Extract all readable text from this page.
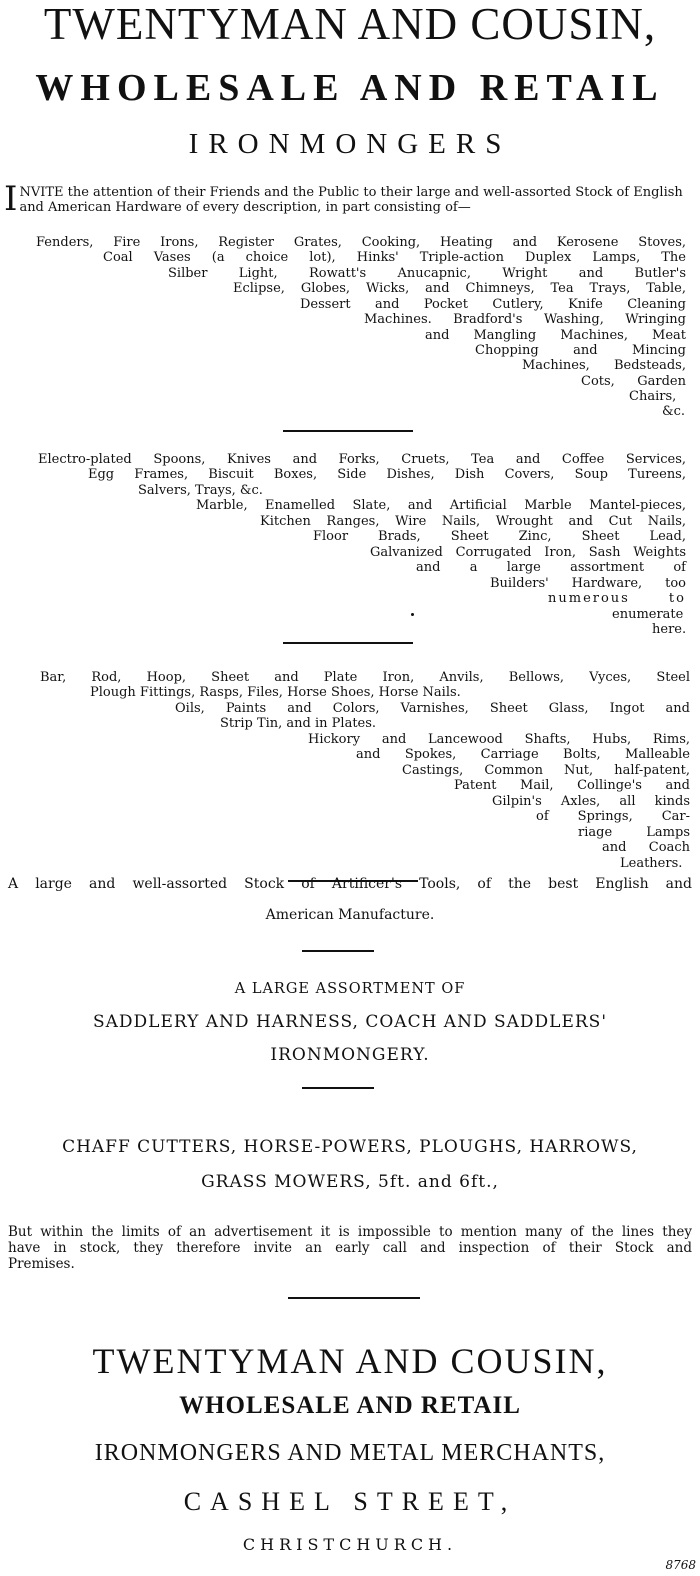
TWENTYMAN AND COUSIN,
WHOLESALE AND RETAIL
IRONMONGERS
I NVITE the attention of their Friends and the Public to their large and well-assorted Stock of English and American Hardware of every description, in part consisting of—
Fenders, Fire Irons, Register Grates, Cooking, Heating and Kerosene Stoves,
Coal Vases (a choice lot), Hinks' Triple-action Duplex Lamps, The
Silber Light, Rowatt's Anucapnic, Wright and Butler's
Eclipse, Globes, Wicks, and Chimneys, Tea Trays, Table,
Dessert and Pocket Cutlery, Knife Cleaning
Machines. Bradford's Washing, Wringing
and Mangling Machines, Meat
Chopping and Mincing
Machines, Bedsteads,
Cots, Garden
Chairs,
&c.
Electro-plated Spoons, Knives and Forks, Cruets, Tea and Coffee Services,
Egg Frames, Biscuit Boxes, Side Dishes, Dish Covers, Soup Tureens,
Salvers, Trays, &c.
Marble, Enamelled Slate, and Artificial Marble Mantel-pieces,
Kitchen Ranges, Wire Nails, Wrought and Cut Nails,
Floor Brads, Sheet Zinc, Sheet Lead,
Galvanized Corrugated Iron, Sash Weights
and a large assortment of
Builders' Hardware, too
numerous to
enumerate
here.
Bar, Rod, Hoop, Sheet and Plate Iron, Anvils, Bellows, Vyces, Steel
Plough Fittings, Rasps, Files, Horse Shoes, Horse Nails.
Oils, Paints and Colors, Varnishes, Sheet Glass, Ingot and
Strip Tin, and in Plates.
Hickory and Lancewood Shafts, Hubs, Rims,
and Spokes, Carriage Bolts, Malleable
Castings, Common Nut, half-patent,
Patent Mail, Collinge's and
Gilpin's Axles, all kinds
of Springs, Car-
riage Lamps
and Coach
Leathers.
A large and well-assorted Stock of Artificer's Tools, of the best English and
American Manufacture.
A LARGE ASSORTMENT OF
SADDLERY AND HARNESS, COACH AND SADDLERS'
IRONMONGERY.
CHAFF CUTTERS, HORSE-POWERS, PLOUGHS, HARROWS,
GRASS MOWERS, 5ft. and 6ft.,
But within the limits of an advertisement it is impossible to mention many of the lines they
have in stock, they therefore invite an early call and inspection of their Stock and
Premises.
TWENTYMAN AND COUSIN,
WHOLESALE AND RETAIL
IRONMONGERS AND METAL MERCHANTS,
CASHEL STREET,
CHRISTCHURCH.
8768
